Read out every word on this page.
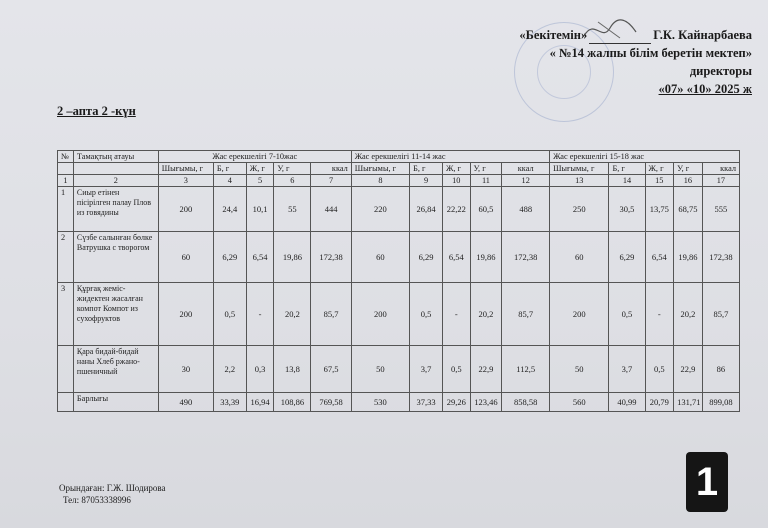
«Бекітемін»	Г.К. Кайнарбаева
« №14 жалпы білім беретін мектеп»
директоры
«07» «10» 2025 ж
2 –апта 2 -күн
№	Тамақтың атауы	Жас ерекшелігі 7-10жас					Жас ерекшелігі 11-14 жас					Жас ерекшелігі 15-18 жас				
		Шығымы, г	Б, г	Ж, г	У, г	ккал	Шығымы, г	Б, г	Ж, г	У, г	ккал	Шығымы, г	Б, г	Ж, г	У, г	ккал
1	2	3	4	5	6	7	8	9	10	11	12	13	14	15	16	17
1	Сиыр етінен пісірілген палау Плов из говядины	200	24,4	10,1	55	444	220	26,84	22,22	60,5	488	250	30,5	13,75	68,75	555
2	Сүзбе салынған бөлке Ватрушка с творогом	60	6,29	6,54	19,86	172,38	60	6,29	6,54	19,86	172,38	60	6,29	6,54	19,86	172,38
3	Құрғақ жеміс-жидектен жасалған компот Компот из сухофруктов	200	0,5	-	20,2	85,7	200	0,5	-	20,2	85,7	200	0,5	-	20,2	85,7
	Қара бидай-бидай наны Хлеб ржано-пшеничный	30	2,2	0,3	13,8	67,5	50	3,7	0,5	22,9	112,5	50	3,7	0,5	22,9	86
	Барлығы	490	33,39	16,94	108,86	769,58	530	37,33	29,26	123,46	858,58	560	40,99	20,79	131,71	899,08
Орындаған: Г.Ж. Шодирова
Тел: 87053338996	1
